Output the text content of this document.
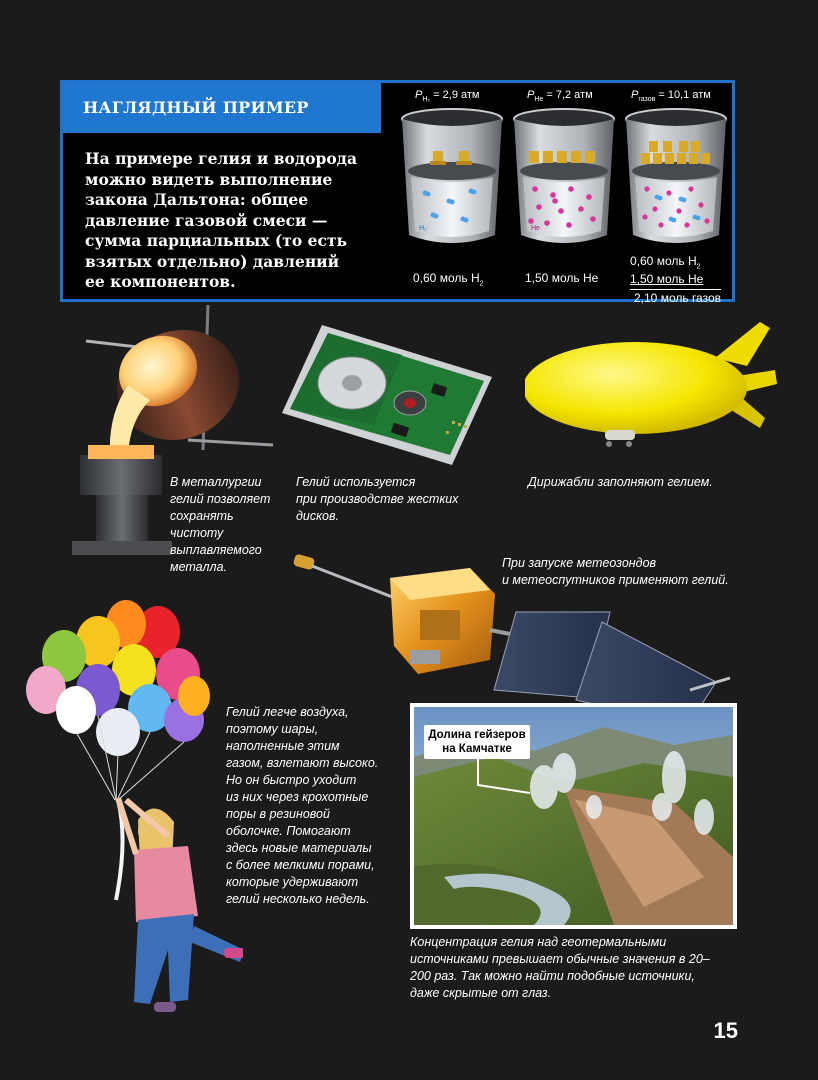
НАГЛЯДНЫЙ ПРИМЕР
На примере гелия и водорода
можно видеть выполнение
закона Дальтона: общее
давление газовой смеси —
сумма парциальных (то есть
взятых отдельно) давлений
ее компонентов.
$P_{H_2} = 2,9$ атм
H₂
0,60 моль $H_2$
$P_{He} = 7,2$ атм
He
1,50 моль He
$P_{газов} = 10,1$ атм
0,60 моль $H_2$
1,50 моль He
2,10 моль газов
В металлургии
гелий позволяет
сохранять
чистоту
выплавляемого
металла.
Гелий используется
при производстве жестких
дисков.
Дирижабли заполняют гелием.
При запуске метеозондов
и метеоспутников применяют гелий.
Гелий легче воздуха,
поэтому шары,
наполненные этим
газом, взлетают высоко.
Но он быстро уходит
из них через крохотные
поры в резиновой
оболочке. Помогают
здесь новые материалы
с более мелкими порами,
которые удерживают
гелий несколько недель.
Долина гейзеров
на Камчатке
Концентрация гелия над геотермальными
источниками превышает обычные значения в 20–
200 раз. Так можно найти подобные источники,
даже скрытые от глаз.
15
